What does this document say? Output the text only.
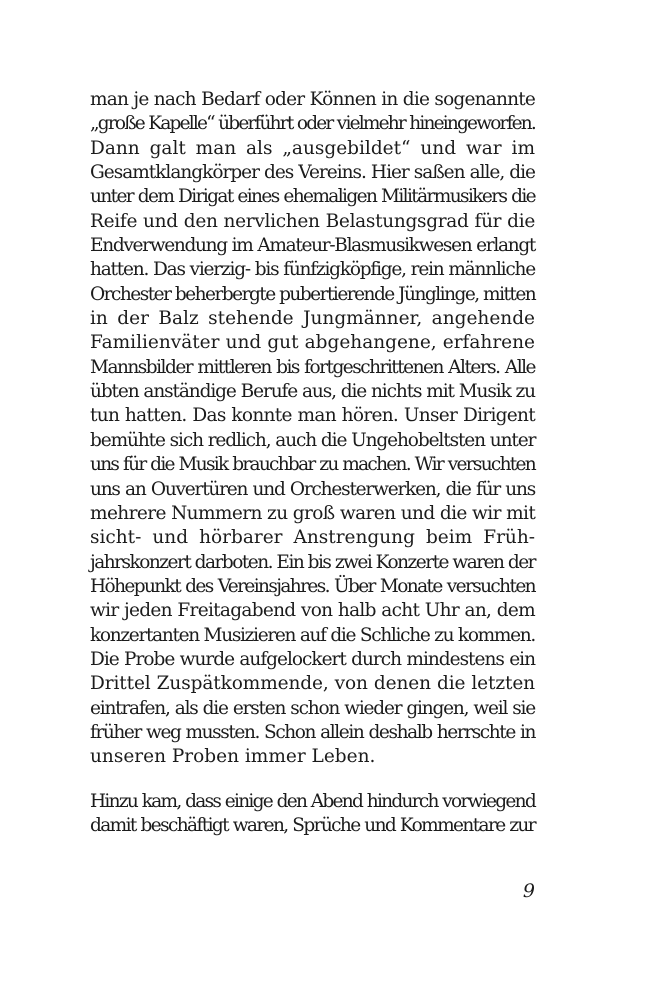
man je nach Bedarf oder Können in die sogenannte
„große Kapelle“ überführt oder vielmehr hineingeworfen.
Dann galt man als „ausgebildet“ und war im
Gesamtklangkörper des Vereins. Hier saßen alle, die
unter dem Dirigat eines ehemaligen Militärmusikers die
Reife und den nervlichen Belastungsgrad für die
Endverwendung im Amateur-Blasmusikwesen erlangt
hatten. Das vierzig- bis fünfzigköpfige, rein männliche
Orchester beherbergte pubertierende Jünglinge, mitten
in der Balz stehende Jungmänner, angehende
Familienväter und gut abgehangene, erfahrene
Mannsbilder mittleren bis fortgeschrittenen Alters. Alle
übten anständige Berufe aus, die nichts mit Musik zu
tun hatten. Das konnte man hören. Unser Dirigent
bemühte sich redlich, auch die Ungehobeltsten unter
uns für die Musik brauchbar zu machen. Wir versuchten
uns an Ouvertüren und Orchesterwerken, die für uns
mehrere Nummern zu groß waren und die wir mit
sicht- und hörbarer Anstrengung beim Früh-
jahrskonzert darboten. Ein bis zwei Konzerte waren der
Höhepunkt des Vereinsjahres. Über Monate versuchten
wir jeden Freitagabend von halb acht Uhr an, dem
konzertanten Musizieren auf die Schliche zu kommen.
Die Probe wurde aufgelockert durch mindestens ein
Drittel Zuspätkommende, von denen die letzten
eintrafen, als die ersten schon wieder gingen, weil sie
früher weg mussten. Schon allein deshalb herrschte in
unseren Proben immer Leben.
Hinzu kam, dass einige den Abend hindurch vorwiegend
damit beschäftigt waren, Sprüche und Kommentare zur
9
